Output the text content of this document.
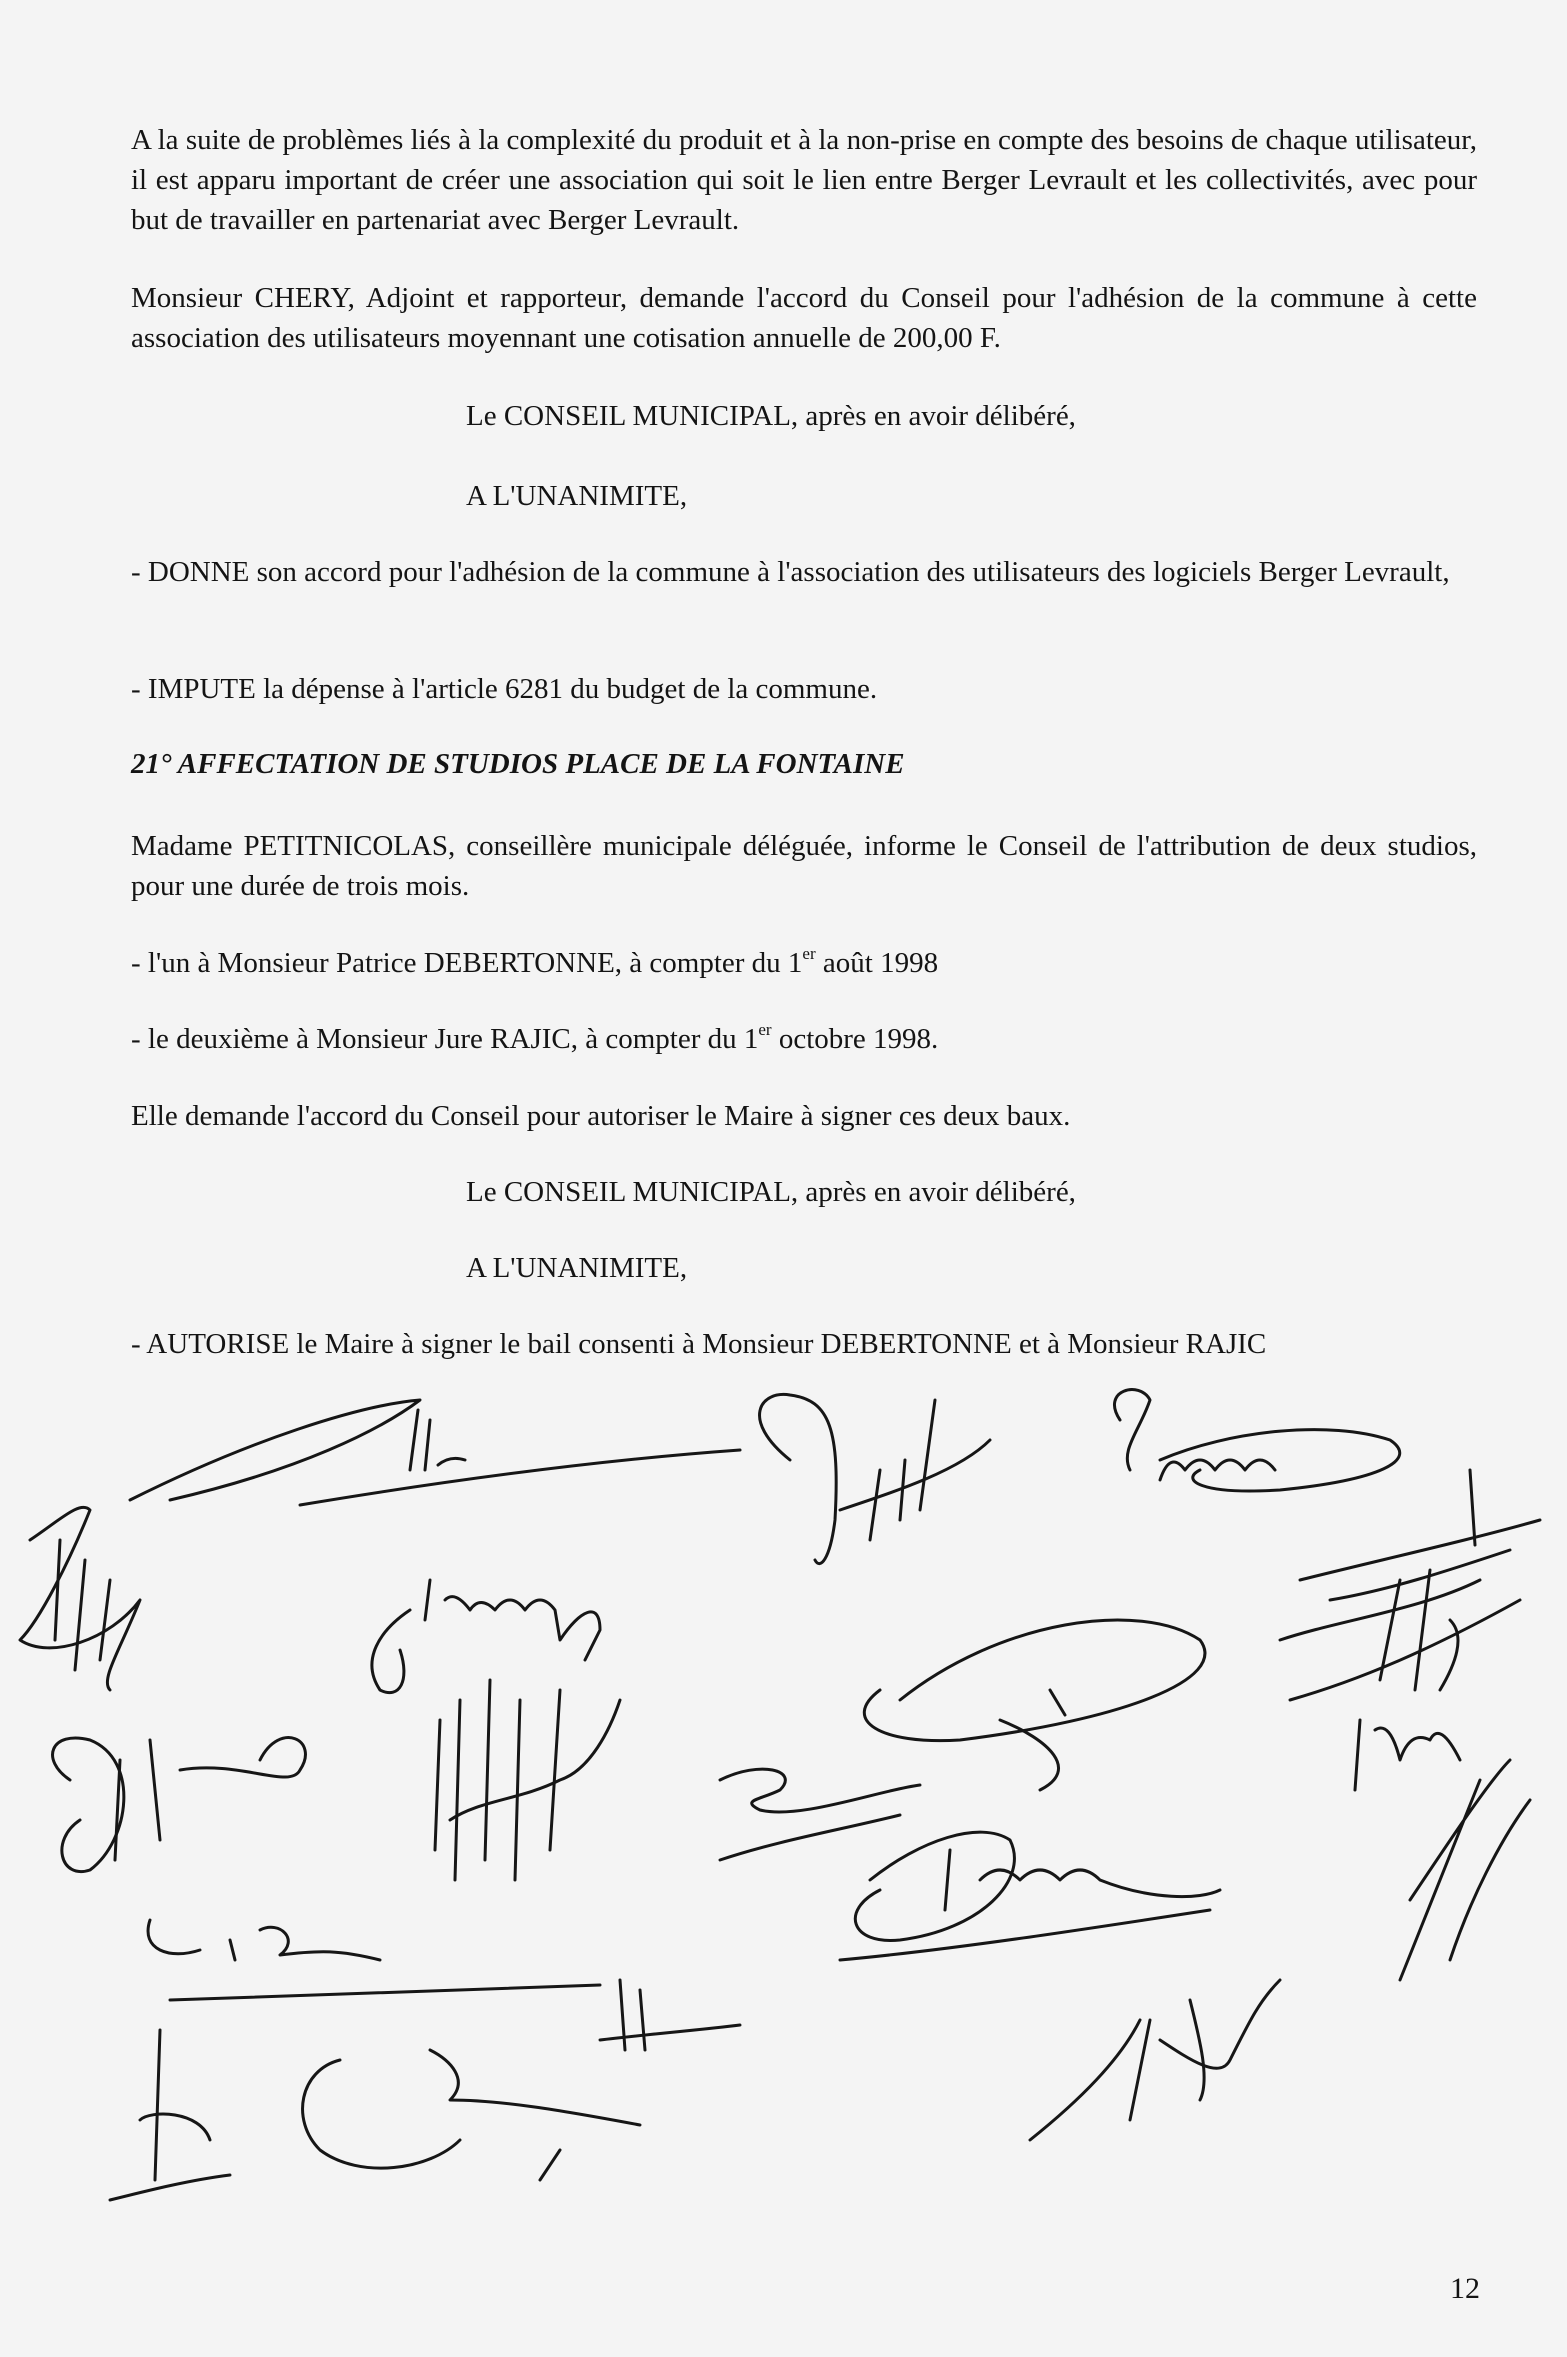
A la suite de problèmes liés à la complexité du produit et à la non-prise en compte des besoins de chaque utilisateur, il est apparu important de créer une association qui soit le lien entre Berger Levrault et les collectivités, avec pour but de travailler en partenariat avec Berger Levrault.
Monsieur CHERY, Adjoint et rapporteur, demande l'accord du Conseil pour l'adhésion de la commune à cette association des utilisateurs moyennant une cotisation annuelle de 200,00 F.
Le CONSEIL MUNICIPAL, après en avoir délibéré,
A L'UNANIMITE,
- DONNE son accord pour l'adhésion de la commune à l'association des utilisateurs des logiciels Berger Levrault,
- IMPUTE la dépense à l'article 6281 du budget de la commune.
21° AFFECTATION DE STUDIOS PLACE DE LA FONTAINE
Madame PETITNICOLAS, conseillère municipale déléguée, informe le Conseil de l'attribution de deux studios, pour une durée de trois mois.
- l'un à Monsieur Patrice DEBERTONNE, à compter du 1er août 1998
- le deuxième à Monsieur Jure RAJIC, à compter du 1er octobre 1998.
Elle demande l'accord du Conseil pour autoriser le Maire à signer ces deux baux.
Le CONSEIL MUNICIPAL, après en avoir délibéré,
A L'UNANIMITE,
- AUTORISE le Maire à signer le bail consenti à Monsieur DEBERTONNE et à Monsieur RAJIC
12
